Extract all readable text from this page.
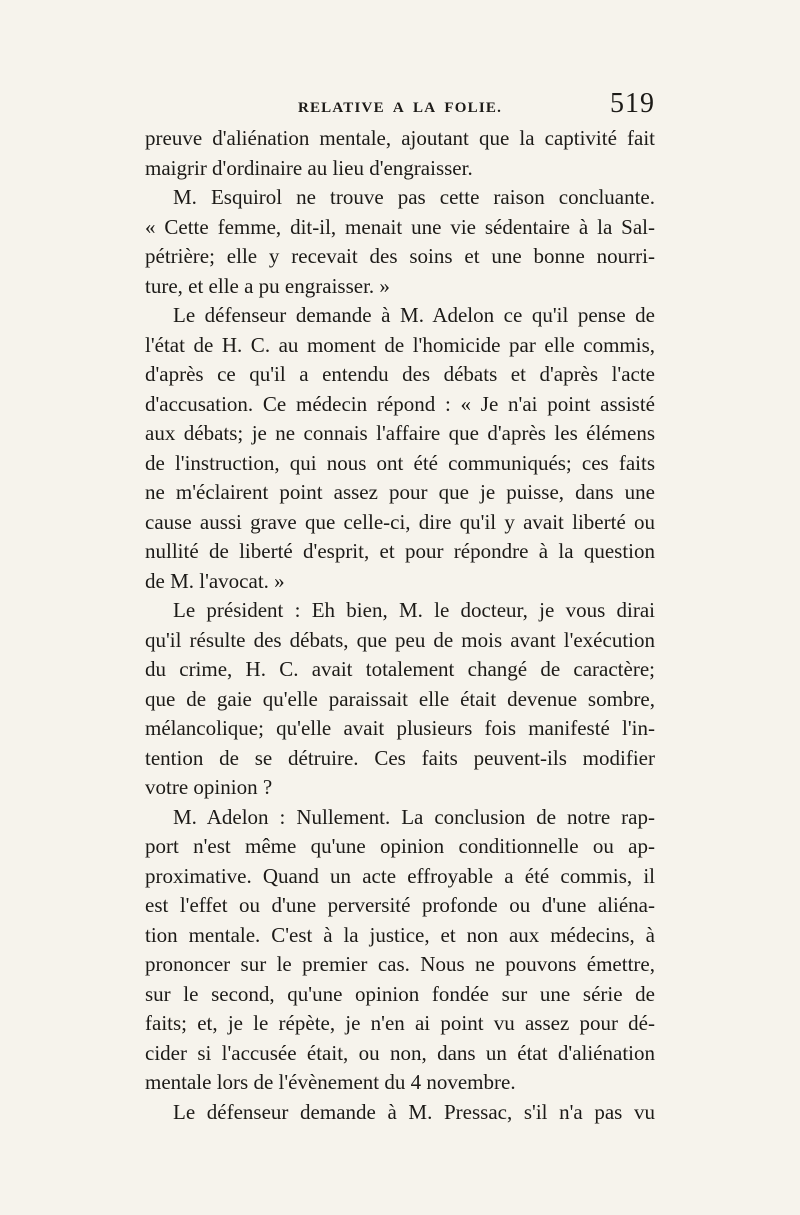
RELATIVE A LA FOLIE.	519
preuve d'aliénation mentale, ajoutant que la captivité fait
maigrir d'ordinaire au lieu d'engraisser.
M. Esquirol ne trouve pas cette raison concluante.
« Cette femme, dit-il, menait une vie sédentaire à la Sal-
pétrière; elle y recevait des soins et une bonne nourri-
ture, et elle a pu engraisser. »
Le défenseur demande à M. Adelon ce qu'il pense de
l'état de H. C. au moment de l'homicide par elle commis,
d'après ce qu'il a entendu des débats et d'après l'acte
d'accusation. Ce médecin répond : « Je n'ai point assisté
aux débats; je ne connais l'affaire que d'après les élémens
de l'instruction, qui nous ont été communiqués; ces faits
ne m'éclairent point assez pour que je puisse, dans une
cause aussi grave que celle-ci, dire qu'il y avait liberté ou
nullité de liberté d'esprit, et pour répondre à la question
de M. l'avocat. »
Le président : Eh bien, M. le docteur, je vous dirai
qu'il résulte des débats, que peu de mois avant l'exécution
du crime, H. C. avait totalement changé de caractère;
que de gaie qu'elle paraissait elle était devenue sombre,
mélancolique; qu'elle avait plusieurs fois manifesté l'in-
tention de se détruire. Ces faits peuvent-ils modifier
votre opinion ?
M. Adelon : Nullement. La conclusion de notre rap-
port n'est même qu'une opinion conditionnelle ou ap-
proximative. Quand un acte effroyable a été commis, il
est l'effet ou d'une perversité profonde ou d'une aliéna-
tion mentale. C'est à la justice, et non aux médecins, à
prononcer sur le premier cas. Nous ne pouvons émettre,
sur le second, qu'une opinion fondée sur une série de
faits; et, je le répète, je n'en ai point vu assez pour dé-
cider si l'accusée était, ou non, dans un état d'aliénation
mentale lors de l'évènement du 4 novembre.
Le défenseur demande à M. Pressac, s'il n'a pas vu
